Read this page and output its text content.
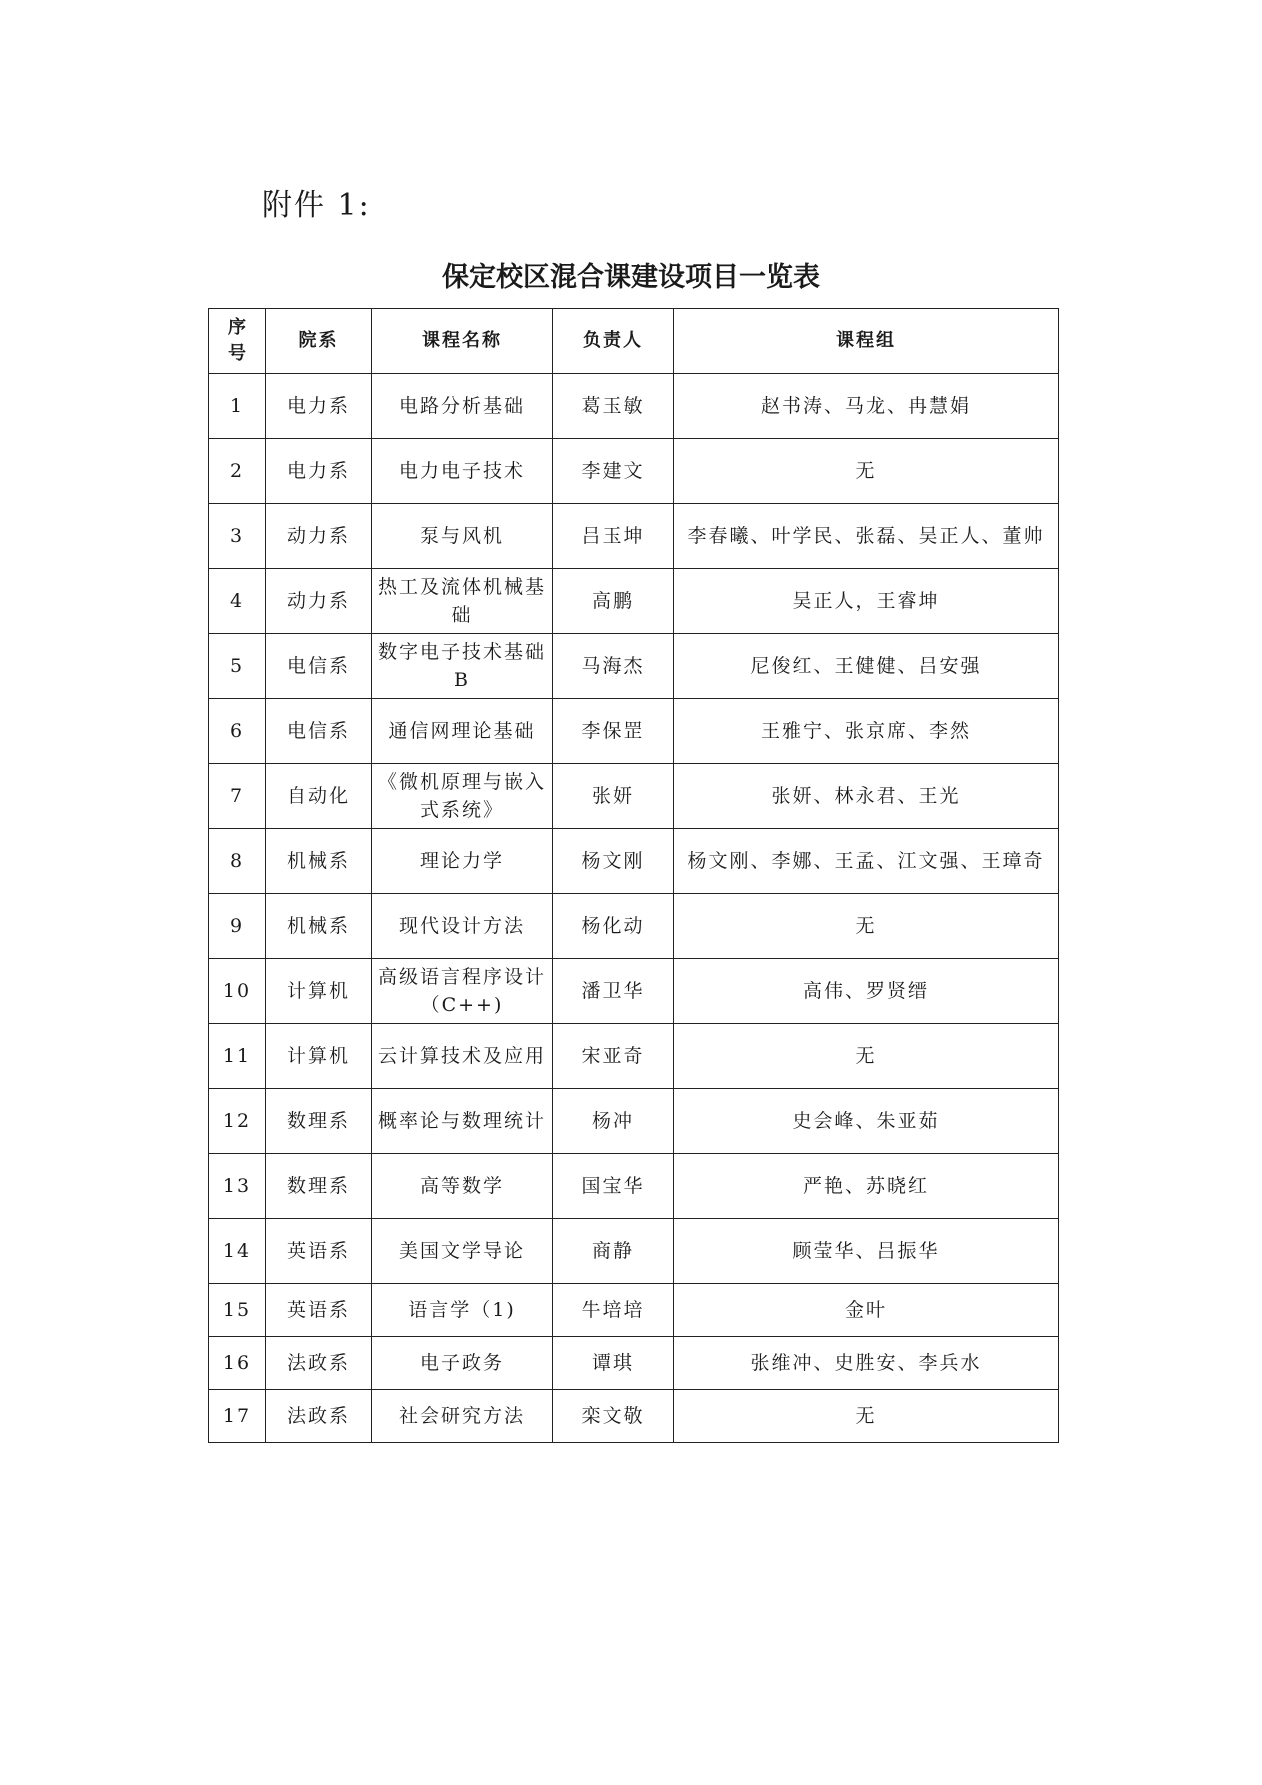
附件 1:

保定校区混合课建设项目一览表
序号	院系	课程名称	负责人	课程组
1	电力系	电路分析基础	葛玉敏	赵书涛、马龙、冉慧娟
2	电力系	电力电子技术	李建文	无
3	动力系	泵与风机	吕玉坤	李春曦、叶学民、张磊、吴正人、董帅
4	动力系	热工及流体机械基础	高鹏	吴正人，王睿坤
5	电信系	数字电子技术基础 B	马海杰	尼俊红、王健健、吕安强
6	电信系	通信网理论基础	李保罡	王雅宁、张京席、李然
7	自动化	《微机原理与嵌入式系统》	张妍	张妍、林永君、王光
8	机械系	理论力学	杨文刚	杨文刚、李娜、王孟、江文强、王璋奇
9	机械系	现代设计方法	杨化动	无
10	计算机	高级语言程序设计（C++)	潘卫华	高伟、罗贤缙
11	计算机	云计算技术及应用	宋亚奇	无
12	数理系	概率论与数理统计	杨冲	史会峰、朱亚茹
13	数理系	高等数学	国宝华	严艳、苏晓红
14	英语系	美国文学导论	商静	顾莹华、吕振华
15	英语系	语言学（1)	牛培培	金叶
16	法政系	电子政务	谭琪	张维冲、史胜安、李兵水
17	法政系	社会研究方法	栾文敬	无
